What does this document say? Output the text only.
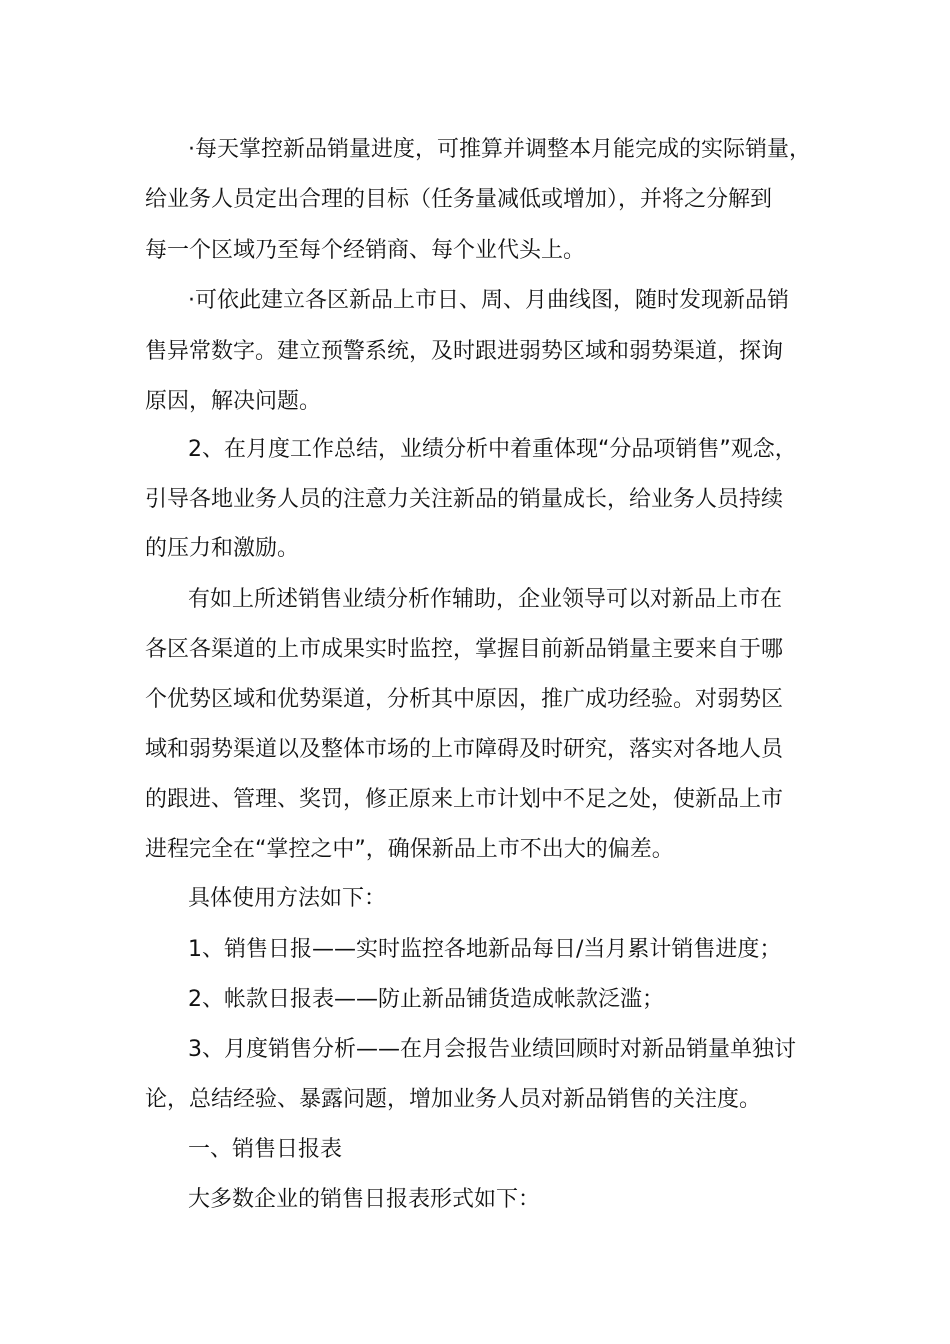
·每天掌控新品销量进度，可推算并调整本月能完成的实际销量，
给业务人员定出合理的目标（任务量减低或增加），并将之分解到
每一个区域乃至每个经销商、每个业代头上。
·可依此建立各区新品上市日、周、月曲线图，随时发现新品销
售异常数字。建立预警系统，及时跟进弱势区域和弱势渠道，探询
原因，解决问题。
2、在月度工作总结，业绩分析中着重体现“分品项销售”观念，
引导各地业务人员的注意力关注新品的销量成长，给业务人员持续
的压力和激励。
有如上所述销售业绩分析作辅助，企业领导可以对新品上市在
各区各渠道的上市成果实时监控，掌握目前新品销量主要来自于哪
个优势区域和优势渠道，分析其中原因，推广成功经验。对弱势区
域和弱势渠道以及整体市场的上市障碍及时研究，落实对各地人员
的跟进、管理、奖罚，修正原来上市计划中不足之处，使新品上市
进程完全在“掌控之中”，确保新品上市不出大的偏差。
具体使用方法如下：
1、销售日报——实时监控各地新品每日/当月累计销售进度；
2、帐款日报表——防止新品铺货造成帐款泛滥；
3、月度销售分析——在月会报告业绩回顾时对新品销量单独讨
论，总结经验、暴露问题，增加业务人员对新品销售的关注度。
一、销售日报表
大多数企业的销售日报表形式如下：
